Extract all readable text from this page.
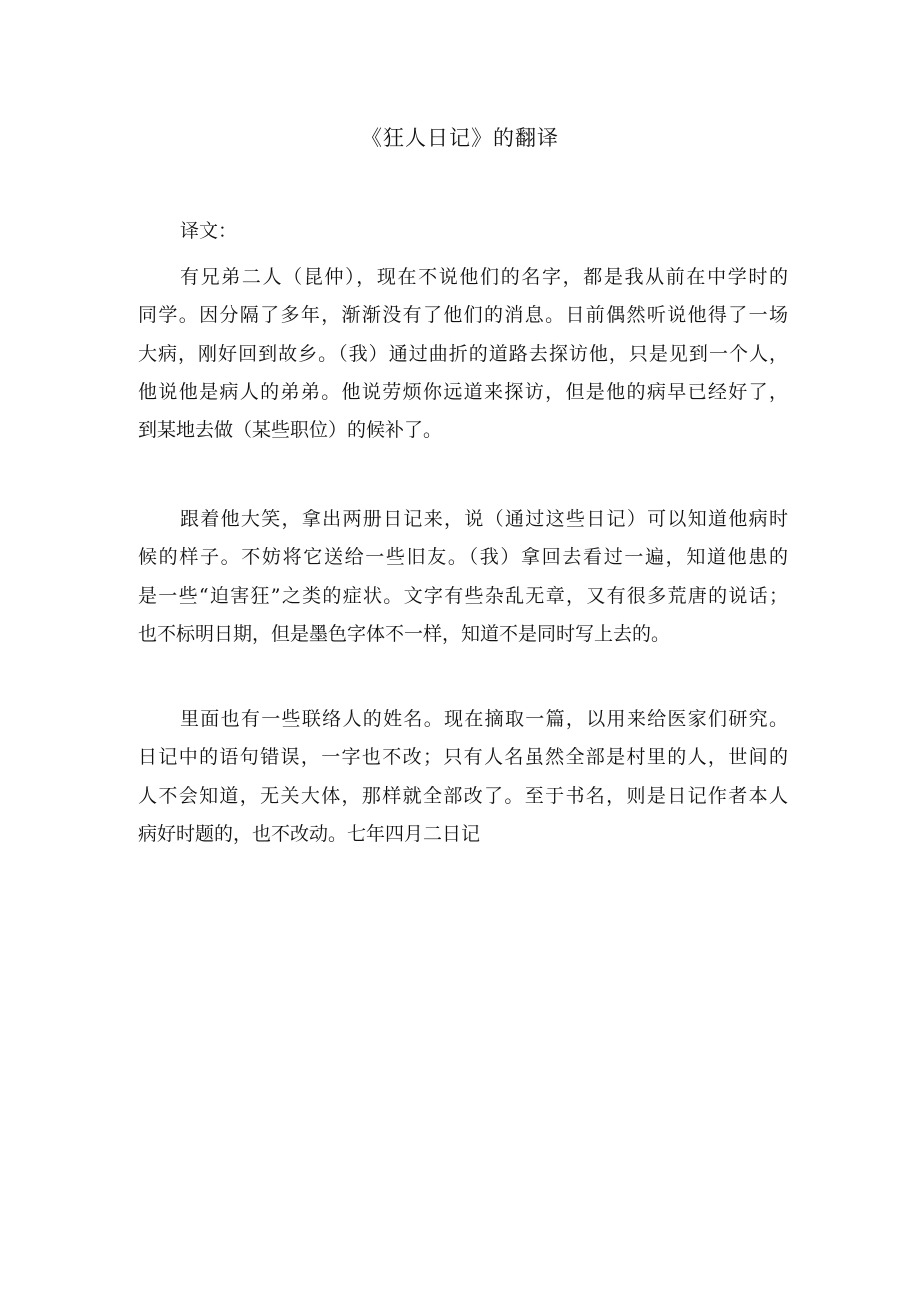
《狂人日记》的翻译
译文：
有兄弟二人（昆仲），现在不说他们的名字，都是我从前在中学时的
同学。因分隔了多年，渐渐没有了他们的消息。日前偶然听说他得了一场
大病，刚好回到故乡。（我）通过曲折的道路去探访他，只是见到一个人，
他说他是病人的弟弟。他说劳烦你远道来探访，但是他的病早已经好了，
到某地去做（某些职位）的候补了。
跟着他大笑，拿出两册日记来，说（通过这些日记）可以知道他病时
候的样子。不妨将它送给一些旧友。（我）拿回去看过一遍，知道他患的
是一些“迫害狂”之类的症状。文字有些杂乱无章，又有很多荒唐的说话；
也不标明日期，但是墨色字体不一样，知道不是同时写上去的。
里面也有一些联络人的姓名。现在摘取一篇，以用来给医家们研究。
日记中的语句错误，一字也不改；只有人名虽然全部是村里的人，世间的
人不会知道，无关大体，那样就全部改了。至于书名，则是日记作者本人
病好时题的，也不改动。七年四月二日记
